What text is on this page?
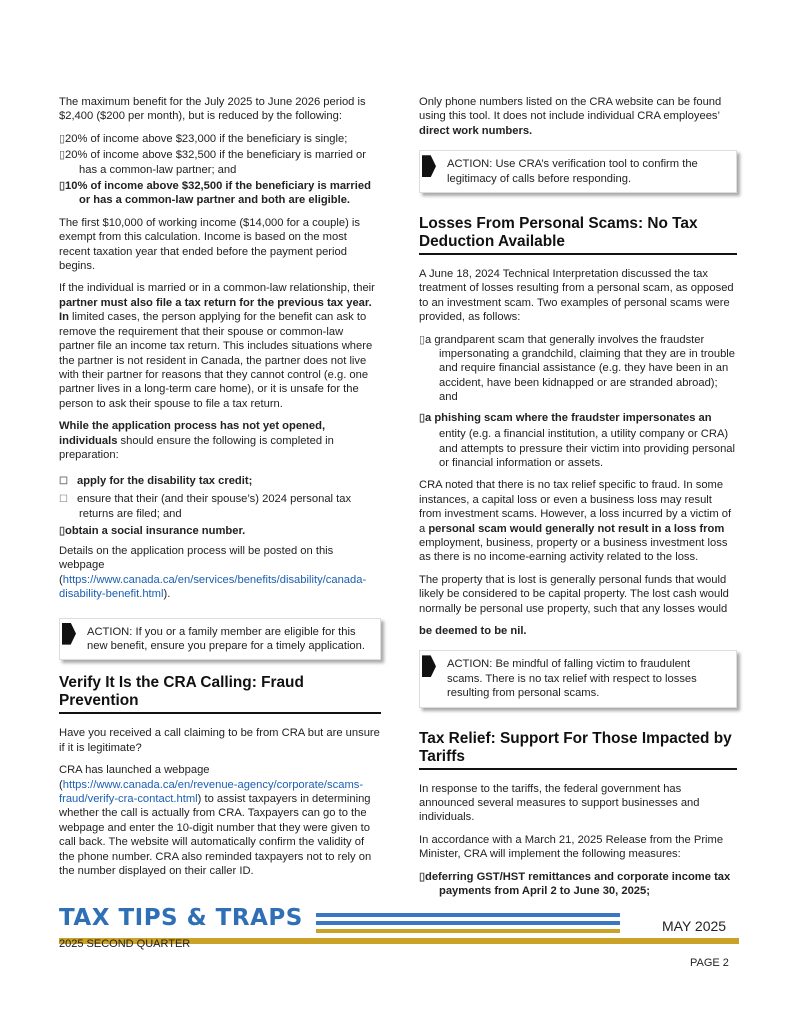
The maximum benefit for the July 2025 to June 2026 period is $2,400 ($200 per month), but is reduced by the following:

▯20% of income above $23,000 if the beneficiary is single;
▯20% of income above $32,500 if the beneficiary is married or has a common-law partner; and
▯10% of income above $32,500 if the beneficiary is married or has a common-law partner and both are eligible.

The first $10,000 of working income ($14,000 for a couple) is exempt from this calculation. Income is based on the most recent taxation year that ended before the payment period begins.

If the individual is married or in a common-law relationship, their partner must also file a tax return for the previous tax year. In limited cases, the person applying for the benefit can ask to remove the requirement that their spouse or common-law partner file an income tax return. This includes situations where the partner is not resident in Canada, the partner does not live with their partner for reasons that they cannot control (e.g. one partner lives in a long-term care home), or it is unsafe for the person to ask their spouse to file a tax return.

While the application process has not yet opened, individuals should ensure the following is completed in preparation:

☐ apply for the disability tax credit;
☐ ensure that their (and their spouse’s) 2024 personal tax returns are filed; and
▯obtain a social insurance number.

Details on the application process will be posted on this webpage
(https://www.canada.ca/en/services/benefits/disability/canada-disability-benefit.html).

ACTION: If you or a family member are eligible for this new benefit, ensure you prepare for a timely application.
Verify It Is the CRA Calling: Fraud Prevention

Have you received a call claiming to be from CRA but are unsure if it is legitimate?

CRA has launched a webpage (https://www.canada.ca/en/revenue-agency/corporate/scams-fraud/verify-cra-contact.html) to assist taxpayers in determining whether the call is actually from CRA. Taxpayers can go to the webpage and enter the 10-digit number that they were given to call back. The website will automatically confirm the validity of the phone number. CRA also reminded taxpayers not to rely on the number displayed on their caller ID.

Only phone numbers listed on the CRA website can be found using this tool. It does not include individual CRA employees’ direct work numbers.

ACTION: Use CRA’s verification tool to confirm the legitimacy of calls before responding.
Losses From Personal Scams: No Tax Deduction Available

A June 18, 2024 Technical Interpretation discussed the tax treatment of losses resulting from a personal scam, as opposed to an investment scam. Two examples of personal scams were provided, as follows:

▯a grandparent scam that generally involves the fraudster impersonating a grandchild, claiming that they are in trouble and require financial assistance (e.g. they have been in an accident, have been kidnapped or are stranded abroad); and
▯a phishing scam where the fraudster impersonates an
entity (e.g. a financial institution, a utility company or CRA) and attempts to pressure their victim into providing personal or financial information or assets.

CRA noted that there is no tax relief specific to fraud. In some instances, a capital loss or even a business loss may result from investment scams. However, a loss incurred by a victim of a personal scam would generally not result in a loss from employment, business, property or a business investment loss as there is no income-earning activity related to the loss.

The property that is lost is generally personal funds that would likely be considered to be capital property. The lost cash would normally be personal use property, such that any losses would

be deemed to be nil.

ACTION: Be mindful of falling victim to fraudulent scams. There is no tax relief with respect to losses resulting from personal scams.
Tax Relief: Support For Those Impacted by Tariffs

In response to the tariffs, the federal government has announced several measures to support businesses and individuals.

In accordance with a March 21, 2025 Release from the Prime Minister, CRA will implement the following measures:

▯deferring GST/HST remittances and corporate income tax payments from April 2 to June 30, 2025;
TAX TIPS & TRAPS
2025 SECOND QUARTER
MAY 2025
PAGE 2
